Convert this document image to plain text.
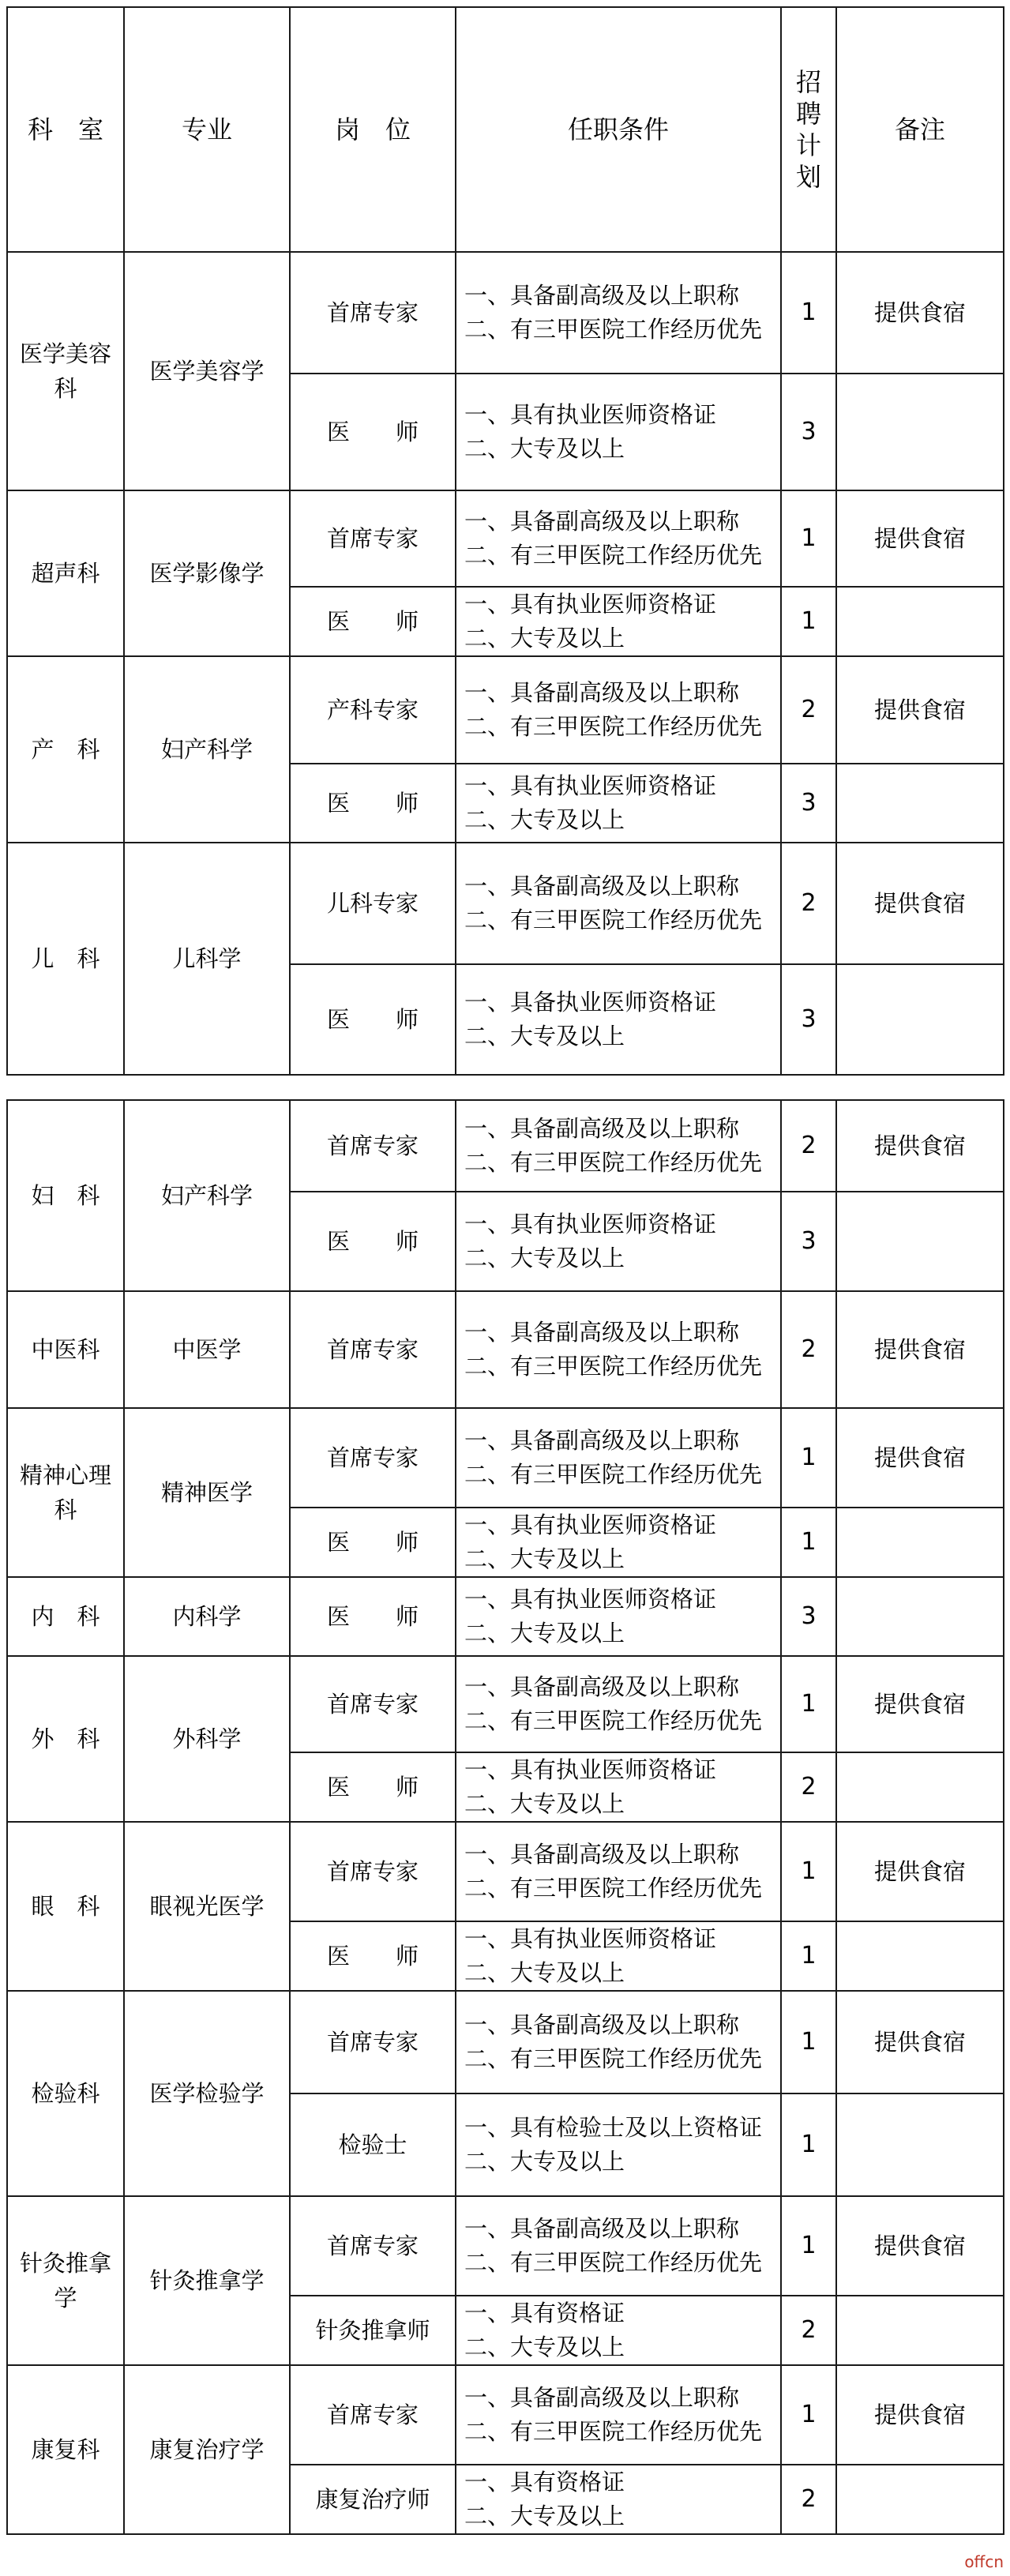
科　室	专业	岗　位	任职条件	招聘计划	备注
医学美容科	医学美容学	首席专家	一、具备副高级及以上职称
二、有三甲医院工作经历优先	1	提供食宿
		医　　师	一、具有执业医师资格证
二、大专及以上	3	
超声科	医学影像学	首席专家	一、具备副高级及以上职称
二、有三甲医院工作经历优先	1	提供食宿
		医　　师	一、具有执业医师资格证
二、大专及以上	1	
产　科	妇产科学	产科专家	一、具备副高级及以上职称
二、有三甲医院工作经历优先	2	提供食宿
		医　　师	一、具有执业医师资格证
二、大专及以上	3	
儿　科	儿科学	儿科专家	一、具备副高级及以上职称
二、有三甲医院工作经历优先	2	提供食宿
		医　　师	一、具备执业医师资格证
二、大专及以上	3	
妇　科	妇产科学	首席专家	一、具备副高级及以上职称
二、有三甲医院工作经历优先	2	提供食宿
		医　　师	一、具有执业医师资格证
二、大专及以上	3	
中医科	中医学	首席专家	一、具备副高级及以上职称
二、有三甲医院工作经历优先	2	提供食宿
精神心理科	精神医学	首席专家	一、具备副高级及以上职称
二、有三甲医院工作经历优先	1	提供食宿
		医　　师	一、具有执业医师资格证
二、大专及以上	1	
内　科	内科学	医　　师	一、具有执业医师资格证
二、大专及以上	3	
外　科	外科学	首席专家	一、具备副高级及以上职称
二、有三甲医院工作经历优先	1	提供食宿
		医　　师	一、具有执业医师资格证
二、大专及以上	2	
眼　科	眼视光医学	首席专家	一、具备副高级及以上职称
二、有三甲医院工作经历优先	1	提供食宿
		医　　师	一、具有执业医师资格证
二、大专及以上	1	
检验科	医学检验学	首席专家	一、具备副高级及以上职称
二、有三甲医院工作经历优先	1	提供食宿
		检验士	一、具有检验士及以上资格证
二、大专及以上	1	
针灸推拿学	针灸推拿学	首席专家	一、具备副高级及以上职称
二、有三甲医院工作经历优先	1	提供食宿
		针灸推拿师	一、具有资格证
二、大专及以上	2	
康复科	康复治疗学	首席专家	一、具备副高级及以上职称
二、有三甲医院工作经历优先	1	提供食宿
		康复治疗师	一、具有资格证
二、大专及以上	2	
offcn
